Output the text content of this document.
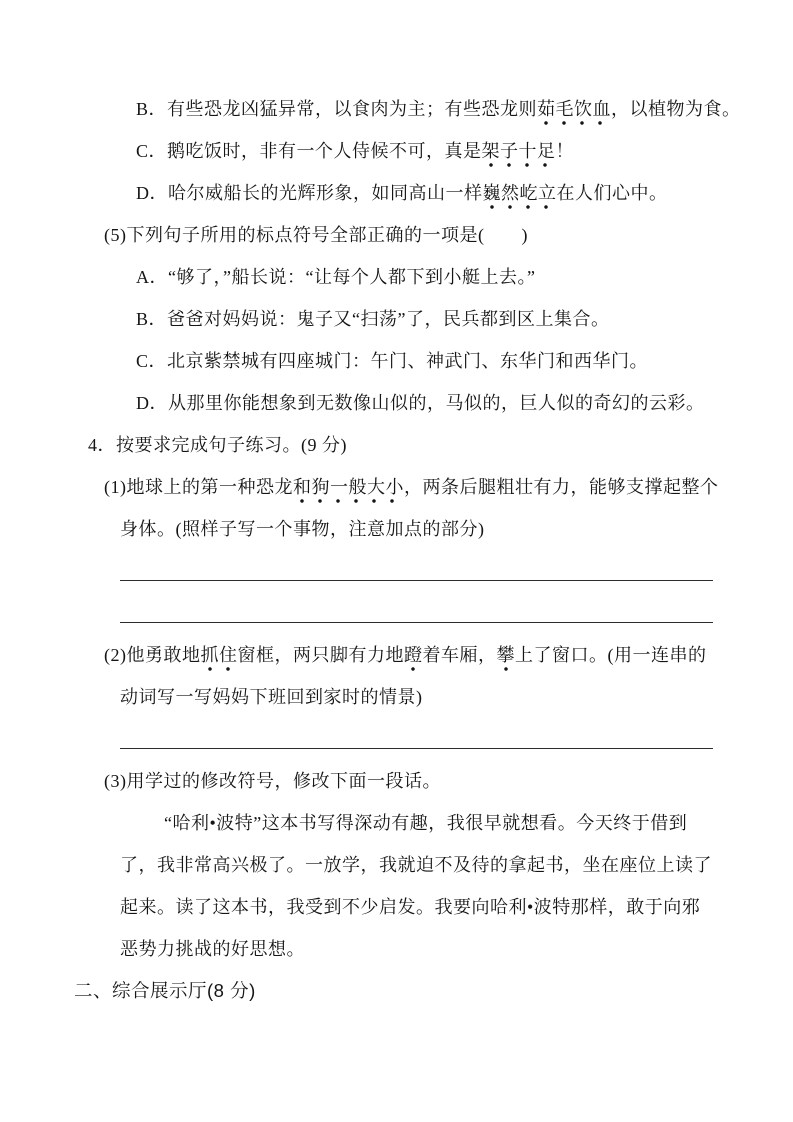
B．有些恐龙凶猛异常，以食肉为主；有些恐龙则茹毛饮血，以植物为食。
C．鹅吃饭时，非有一个人侍候不可，真是架子十足！
D．哈尔威船长的光辉形象，如同高山一样巍然屹立在人们心中。
(5)下列句子所用的标点符号全部正确的一项是(　　)
A．“够了，”船长说：“让每个人都下到小艇上去。”
B．爸爸对妈妈说：鬼子又“扫荡”了，民兵都到区上集合。
C．北京紫禁城有四座城门：午门、神武门、东华门和西华门。
D．从那里你能想象到无数像山似的，马似的，巨人似的奇幻的云彩。
4．按要求完成句子练习。(9 分)
(1)地球上的第一种恐龙和狗一般大小，两条后腿粗壮有力，能够支撑起整个
身体。(照样子写一个事物，注意加点的部分)
(2)他勇敢地抓住窗框，两只脚有力地蹬着车厢，攀上了窗口。(用一连串的
动词写一写妈妈下班回到家时的情景)
(3)用学过的修改符号，修改下面一段话。
“哈利•波特”这本书写得深动有趣，我很早就想看。今天终于借到
了，我非常高兴极了。一放学，我就迫不及待的拿起书，坐在座位上读了
起来。读了这本书，我受到不少启发。我要向哈利•波特那样，敢于向邪
恶势力挑战的好思想。
二、综合展示厅(8 分)
